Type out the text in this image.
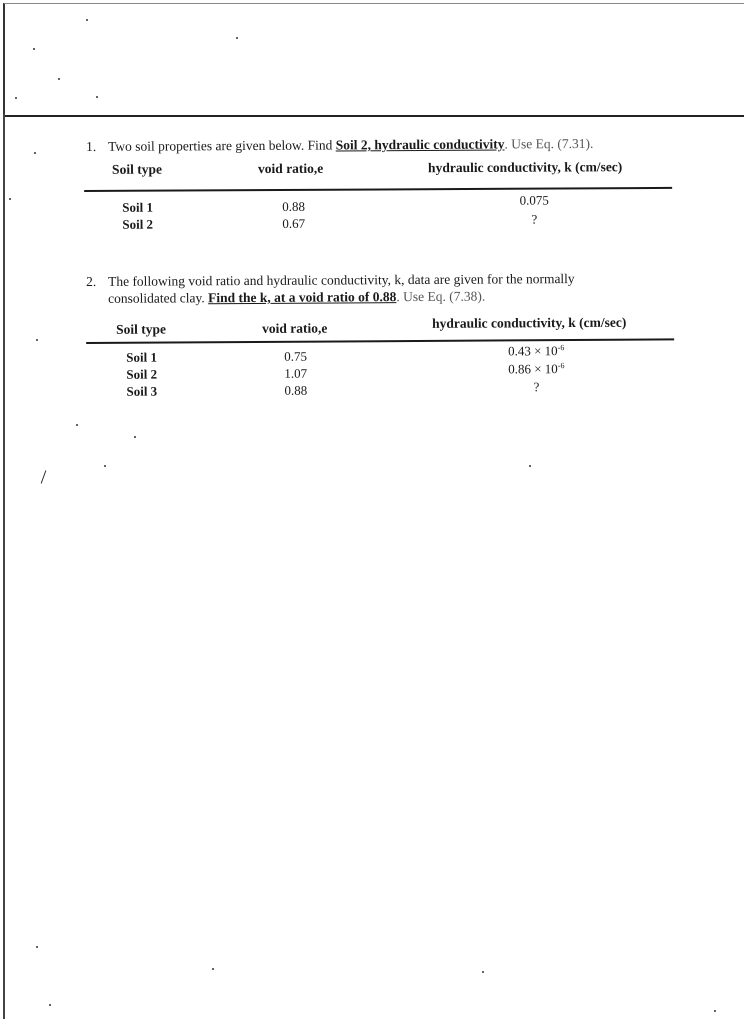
1. Two soil properties are given below. Find Soil 2, hydraulic conductivity. Use Eq. (7.31).
Soil type	void ratio,e	hydraulic conductivity, k (cm/sec)
Soil 1	0.88	0.075
Soil 2	0.67	?
2. The following void ratio and hydraulic conductivity, k, data are given for the normally
consolidated clay. Find the k, at a void ratio of 0.88. Use Eq. (7.38).
Soil type	void ratio,e	hydraulic conductivity, k (cm/sec)
Soil 1	0.75	$0.43 \times 10^{-6}$
Soil 2	1.07	$0.86 \times 10^{-6}$
Soil 3	0.88	?
